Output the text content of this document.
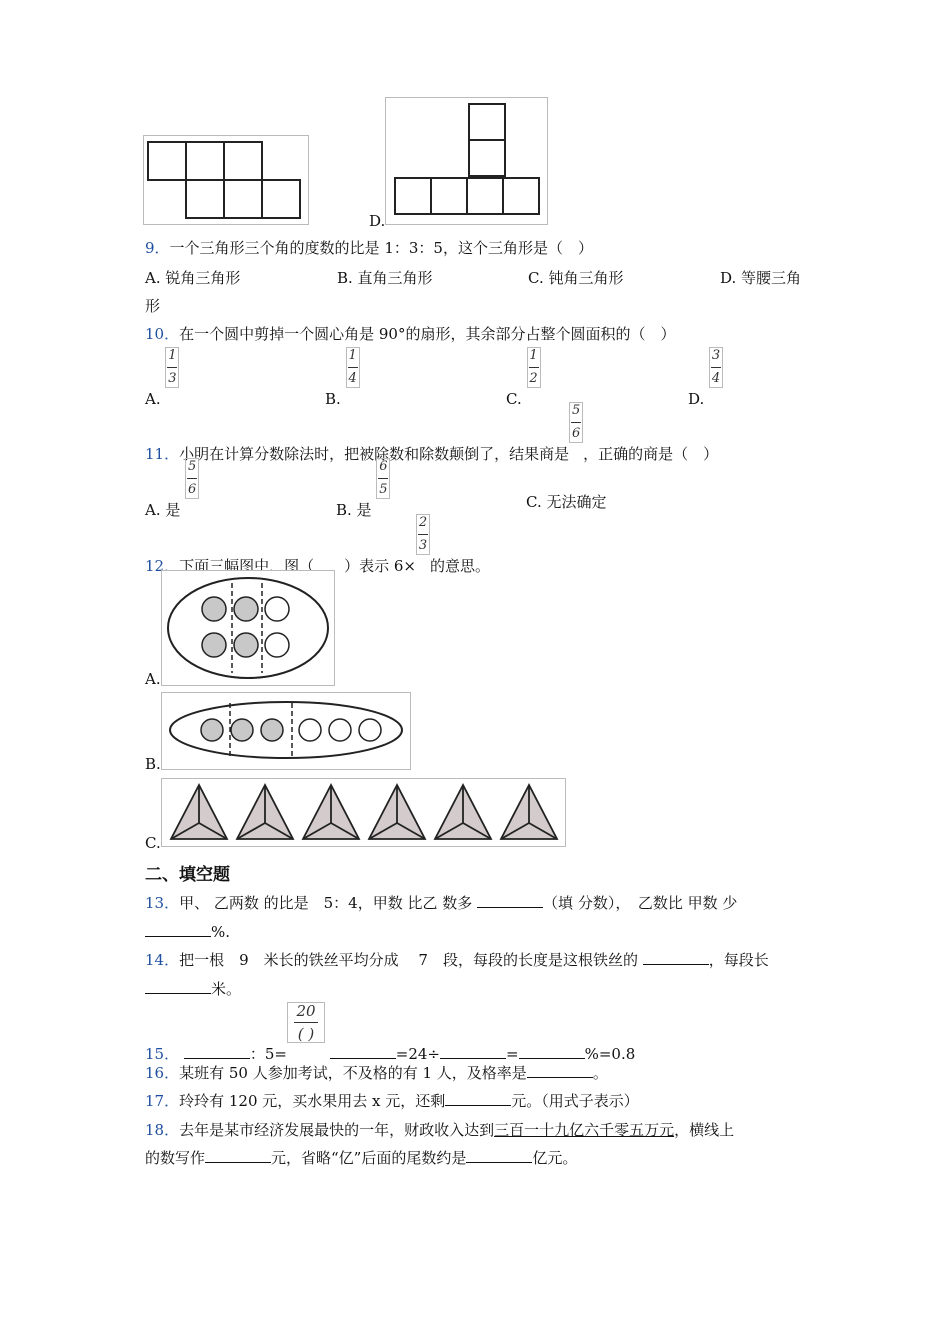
D.
9．一个三角形三个角的度数的比是 1：3：5，这个三角形是（　）
A. 锐角三角形	B. 直角三角形	C. 钝角三角形	D. 等腰三角
形
10．在一个圆中剪掉一个圆心角是 90°的扇形，其余部分占整个圆面积的（　）
A.
$\frac{1}{3}$
B.
$\frac{1}{4}$
C.
$\frac{1}{2}$
D.
$\frac{3}{4}$
11．小明在计算分数除法时，把被除数和除数颠倒了，结果商是
$\frac{5}{6}$
，正确的商是（　）
A. 是
$\frac{5}{6}$
B. 是
$\frac{6}{5}$
C. 无法确定
12．下面三幅图中，图（　　）表示 6×
$\frac{2}{3}$
的意思。
A.
B.
C.
二、填空题
13．甲、 乙两数 的比是　5：4，甲数 比乙 数多	（填 分数），　乙数比 甲数 少
%.
14．把一根　9　米长的铁丝平均分成　 7　段，每段的长度是这根铁丝的	，每段长
米。
15．	：5=
$\frac{20}{( )}$
=24÷	=	%=0.8
16．某班有 50 人参加考试，不及格的有 1 人，及格率是	。
17．玲玲有 120 元，买水果用去 x 元，还剩	元。（用式子表示）
18．去年是某市经济发展最快的一年，财政收入达到三百一十九亿六千零五万元，横线上
的数写作	元，省略“亿”后面的尾数约是	亿元。
